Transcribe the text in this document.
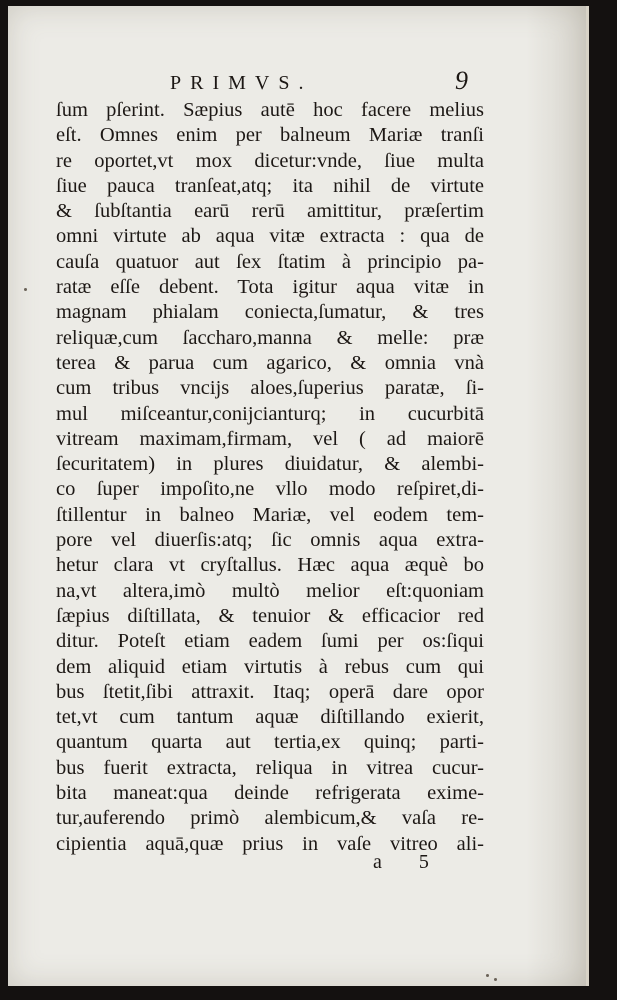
PRIMVS.	9
ſum pſerint. Sæpius autē hoc facere melius
eſt. Omnes enim per balneum Mariæ tranſi
re oportet,vt mox dicetur:vnde, ſiue multa
ſiue pauca tranſeat,atq; ita nihil de virtute
& ſubſtantia earū rerū amittitur, præſertim
omni virtute ab aqua vitæ extracta : qua de
cauſa quatuor aut ſex ſtatim à principio pa-
ratæ eſſe debent. Tota igitur aqua vitæ in
magnam phialam coniecta,ſumatur, & tres
reliquæ,cum ſaccharo,manna & melle: præ
terea & parua cum agarico, & omnia vnà
cum tribus vncijs aloes,ſuperius paratæ, ſi-
mul miſceantur,conijcianturq; in cucurbitā
vitream maximam,firmam, vel ( ad maiorē
ſecuritatem) in plures diuidatur, & alembi-
co ſuper impoſito,ne vllo modo reſpiret,di-
ſtillentur in balneo Mariæ, vel eodem tem-
pore vel diuerſis:atq; ſic omnis aqua extra-
hetur clara vt cryſtallus. Hæc aqua æquè bo
na,vt altera,imò multò melior eſt:quoniam
ſæpius diſtillata, & tenuior & efficacior red
ditur. Poteſt etiam eadem ſumi per os:ſiqui
dem aliquid etiam virtutis à rebus cum qui
bus ſtetit,ſibi attraxit. Itaq; operā dare opor
tet,vt cum tantum aquæ diſtillando exierit,
quantum quarta aut tertia,ex quinq; parti-
bus fuerit extracta, reliqua in vitrea cucur-
bita maneat:qua deinde refrigerata exime-
tur,auferendo primò alembicum,& vaſa re-
cipientia aquā,quæ prius in vaſe vitreo ali-
a 5
